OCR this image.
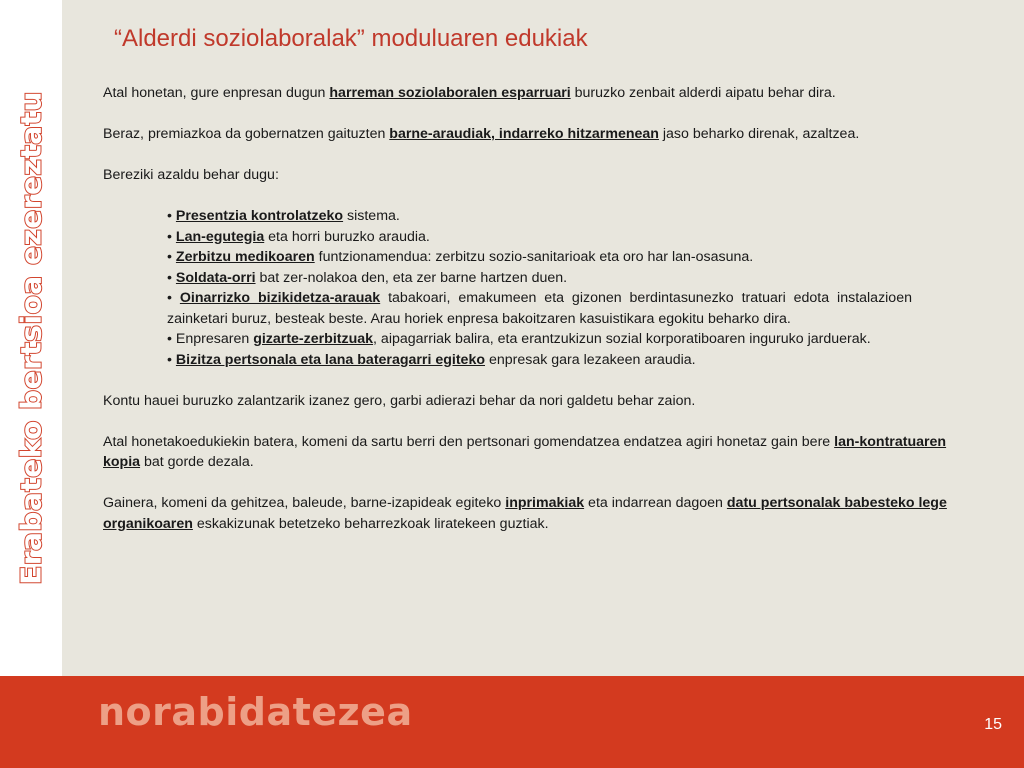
Erabateko bertsioa ezereztatu
“Alderdi soziolaboralak” moduluaren edukiak

Atal honetan, gure enpresan dugun harreman soziolaboralen esparruari buruzko zenbait alderdi aipatu behar dira.

Beraz, premiazkoa da gobernatzen gaituzten barne-araudiak, indarreko hitzarmenean jaso beharko direnak, azaltzea.

Bereziki azaldu behar dugu:

• Presentzia kontrolatzeko sistema.
• Lan-egutegia eta horri buruzko araudia.
• Zerbitzu medikoaren funtzionamendua: zerbitzu sozio-sanitarioak eta oro har lan-osasuna.
• Soldata-orri bat zer-nolakoa den, eta zer barne hartzen duen.
• Oinarrizko bizikidetza-arauak tabakoari, emakumeen eta gizonen berdintasunezko tratuari edota instalazioen zainketari buruz, besteak beste. Arau horiek enpresa bakoitzaren kasuistikara egokitu beharko dira.
• Enpresaren gizarte-zerbitzuak, aipagarriak balira, eta erantzukizun sozial korporatiboaren inguruko jarduerak.
• Bizitza pertsonala eta lana bateragarri egiteko enpresak gara lezakeen araudia.

Kontu hauei buruzko zalantzarik izanez gero, garbi adierazi behar da nori galdetu behar zaion.

Atal honetakoedukiekin batera, komeni da sartu berri den pertsonari gomendatzea endatzea agiri honetaz gain bere lan-kontratuaren kopia bat gorde dezala.

Gainera, komeni da gehitzea, baleude, barne-izapideak egiteko inprimakiak eta indarrean dagoen datu pertsonalak babesteko lege organikoaren eskakizunak betetzeko beharrezkoak liratekeen guztiak.

norabidatezea	15
